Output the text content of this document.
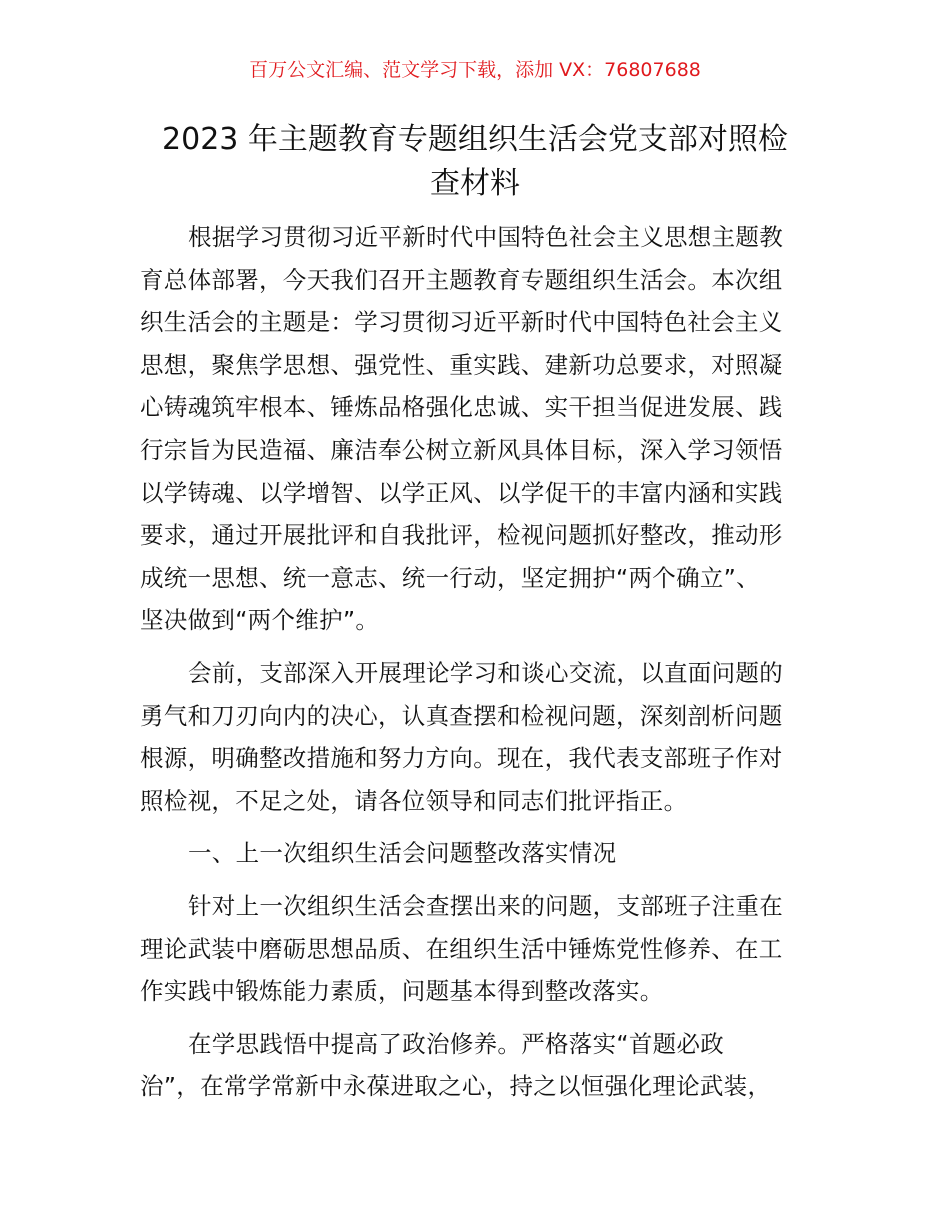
百万公文汇编、范文学习下载，添加 VX：76807688
2023 年主题教育专题组织生活会党支部对照检
查材料
根据学习贯彻习近平新时代中国特色社会主义思想主题教
育总体部署，今天我们召开主题教育专题组织生活会。本次组
织生活会的主题是：学习贯彻习近平新时代中国特色社会主义
思想，聚焦学思想、强党性、重实践、建新功总要求，对照凝
心铸魂筑牢根本、锤炼品格强化忠诚、实干担当促进发展、践
行宗旨为民造福、廉洁奉公树立新风具体目标，深入学习领悟
以学铸魂、以学增智、以学正风、以学促干的丰富内涵和实践
要求，通过开展批评和自我批评，检视问题抓好整改，推动形
成统一思想、统一意志、统一行动，坚定拥护“两个确立”、
坚决做到“两个维护”。
会前，支部深入开展理论学习和谈心交流，以直面问题的
勇气和刀刃向内的决心，认真查摆和检视问题，深刻剖析问题
根源，明确整改措施和努力方向。现在，我代表支部班子作对
照检视，不足之处，请各位领导和同志们批评指正。
一、上一次组织生活会问题整改落实情况
针对上一次组织生活会查摆出来的问题，支部班子注重在
理论武装中磨砺思想品质、在组织生活中锤炼党性修养、在工
作实践中锻炼能力素质，问题基本得到整改落实。
在学思践悟中提高了政治修养。严格落实“首题必政
治”，在常学常新中永葆进取之心，持之以恒强化理论武装，
